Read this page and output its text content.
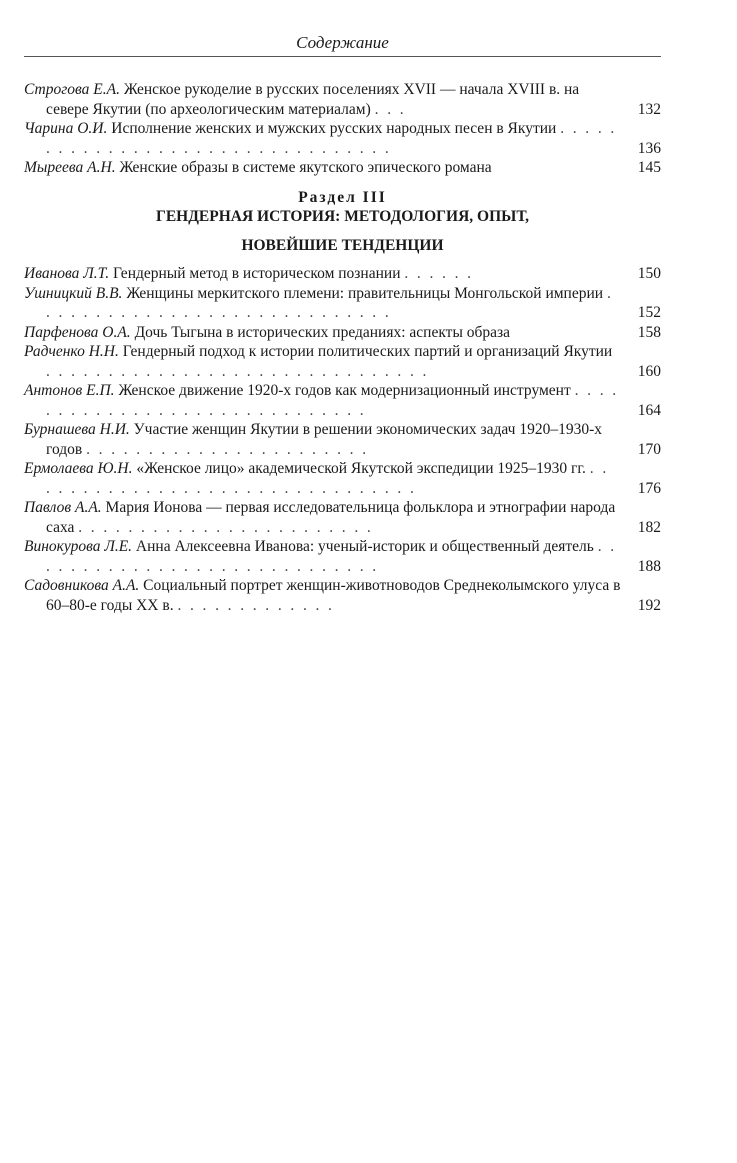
Содержание
Строгова Е.А. Женское рукоделие в русских поселениях XVII — начала XVIII в. на севере Якутии (по археологическим материалам) . . .	132
Чарина О.И. Исполнение женских и мужских русских народных песен в Якутии . . . . . . . . . . . . . . . . . . . . . . . . . . . . . . . . .	136
Мыреева А.Н. Женские образы в системе якутского эпического романа	145
Раздел III
ГЕНДЕРНАЯ ИСТОРИЯ: МЕТОДОЛОГИЯ, ОПЫТ,
НОВЕЙШИЕ ТЕНДЕНЦИИ
Иванова Л.Т. Гендерный метод в историческом познании . . . . . .	150
Ушницкий В.В. Женщины меркитского племени: правительницы Монгольской империи . . . . . . . . . . . . . . . . . . . . . . . . . . . . .	152
Парфенова О.А. Дочь Тыгына в исторических преданиях: аспекты образа	158
Радченко Н.Н. Гендерный подход к истории политических партий и организаций Якутии . . . . . . . . . . . . . . . . . . . . . . . . . . . . . . .	160
Антонов Е.П. Женское движение 1920-х годов как модернизационный инструмент . . . . . . . . . . . . . . . . . . . . . . . . . . . . . .	164
Бурнашева Н.И. Участие женщин Якутии в решении экономических задач 1920–1930-х годов . . . . . . . . . . . . . . . . . . . . . . .	170
Ермолаева Ю.Н. «Женское лицо» академической Якутской экспедиции 1925–1930 гг. . . . . . . . . . . . . . . . . . . . . . . . . . . . . . . . .	176
Павлов А.А. Мария Ионова — первая исследовательница фольклора и этнографии народа саха . . . . . . . . . . . . . . . . . . . . . . . .	182
Винокурова Л.Е. Анна Алексеевна Иванова: ученый-историк и общественный деятель . . . . . . . . . . . . . . . . . . . . . . . . . . . . .	188
Садовникова А.А. Социальный портрет женщин-животноводов Среднеколымского улуса в 60–80-е годы XX в. . . . . . . . . . . . . .	192
